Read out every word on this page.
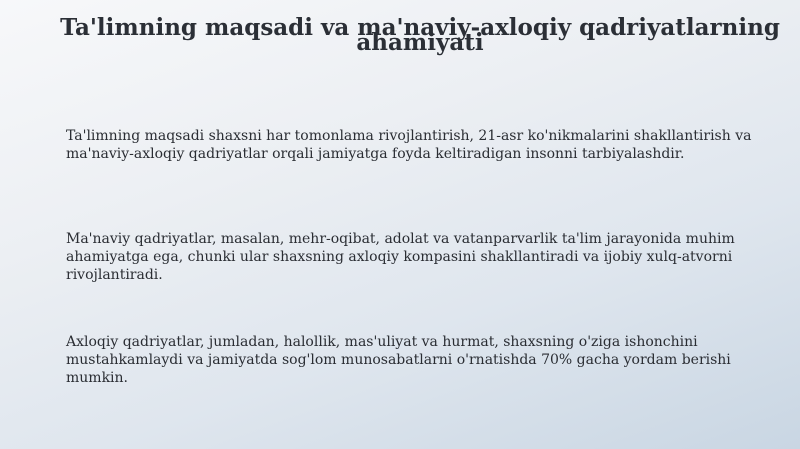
Ta'limning maqsadi va ma'naviy-axloqiy qadriyatlarning ahamiyati

Ta'limning maqsadi shaxsni har tomonlama rivojlantirish, 21-asr ko'nikmalarini shakllantirish va ma'naviy-axloqiy qadriyatlar orqali jamiyatga foyda keltiradigan insonni tarbiyalashdir.

Ma'naviy qadriyatlar, masalan, mehr-oqibat, adolat va vatanparvarlik ta'lim jarayonida muhim ahamiyatga ega, chunki ular shaxsning axloqiy kompasini shakllantiradi va ijobiy xulq-atvorni rivojlantiradi.

Axloqiy qadriyatlar, jumladan, halollik, mas'uliyat va hurmat, shaxsning o'ziga ishonchini mustahkamlaydi va jamiyatda sog'lom munosabatlarni o'rnatishda 70% gacha yordam berishi mumkin.
